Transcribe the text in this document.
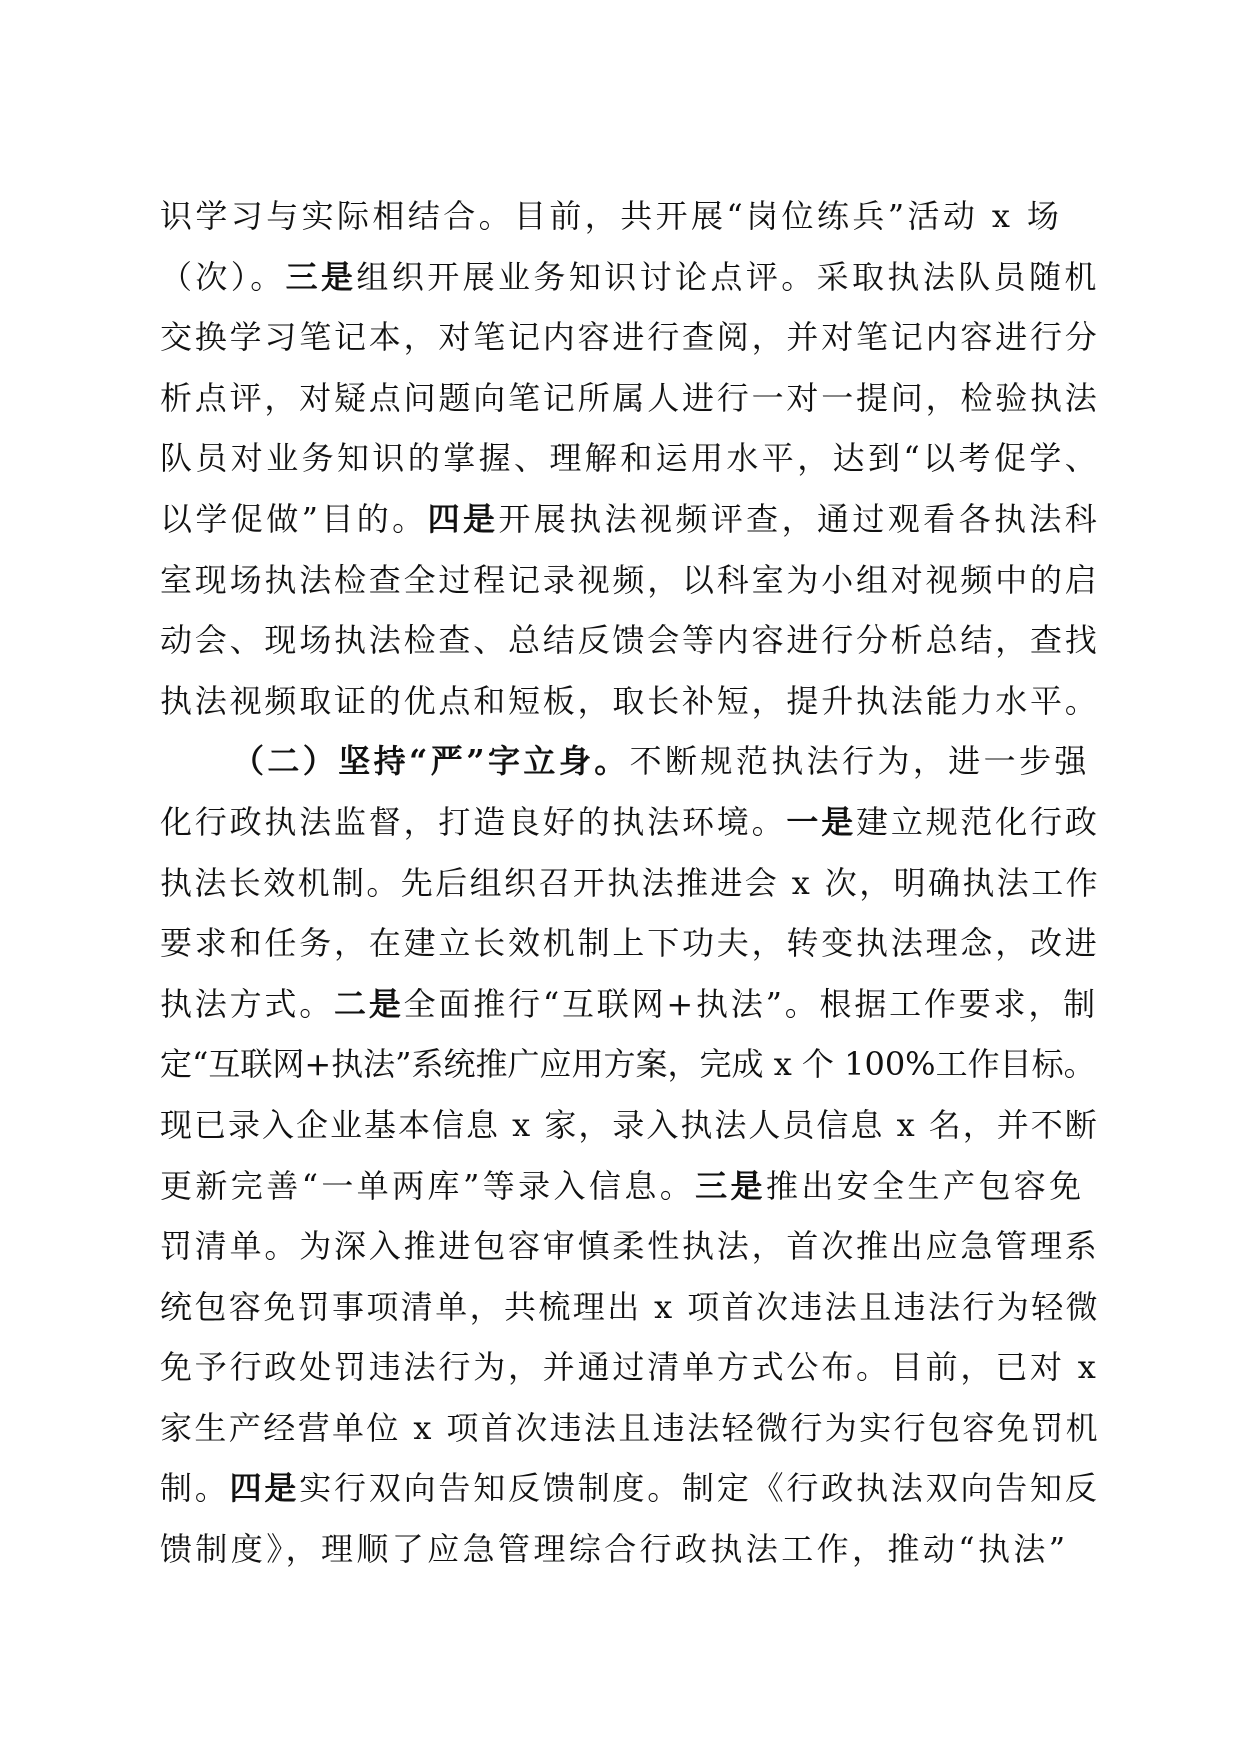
识学习与实际相结合。目前，共开展“岗位练兵”活动 x 场
（次）。三是组织开展业务知识讨论点评。采取执法队员随机
交换学习笔记本，对笔记内容进行查阅，并对笔记内容进行分
析点评，对疑点问题向笔记所属人进行一对一提问，检验执法
队员对业务知识的掌握、理解和运用水平，达到“以考促学、
以学促做”目的。四是开展执法视频评查，通过观看各执法科
室现场执法检查全过程记录视频，以科室为小组对视频中的启
动会、现场执法检查、总结反馈会等内容进行分析总结，查找
执法视频取证的优点和短板，取长补短，提升执法能力水平。
（二）坚持“严”字立身。不断规范执法行为，进一步强
化行政执法监督，打造良好的执法环境。一是建立规范化行政
执法长效机制。先后组织召开执法推进会 x 次，明确执法工作
要求和任务，在建立长效机制上下功夫，转变执法理念，改进
执法方式。二是全面推行“互联网+执法”。根据工作要求，制
定“互联网+执法”系统推广应用方案，完成 x 个 100%工作目标。
现已录入企业基本信息 x 家，录入执法人员信息 x 名，并不断
更新完善“一单两库”等录入信息。三是推出安全生产包容免
罚清单。为深入推进包容审慎柔性执法，首次推出应急管理系
统包容免罚事项清单，共梳理出 x 项首次违法且违法行为轻微
免予行政处罚违法行为，并通过清单方式公布。目前，已对 x
家生产经营单位 x 项首次违法且违法轻微行为实行包容免罚机
制。四是实行双向告知反馈制度。制定《行政执法双向告知反
馈制度》，理顺了应急管理综合行政执法工作，推动“执法”
